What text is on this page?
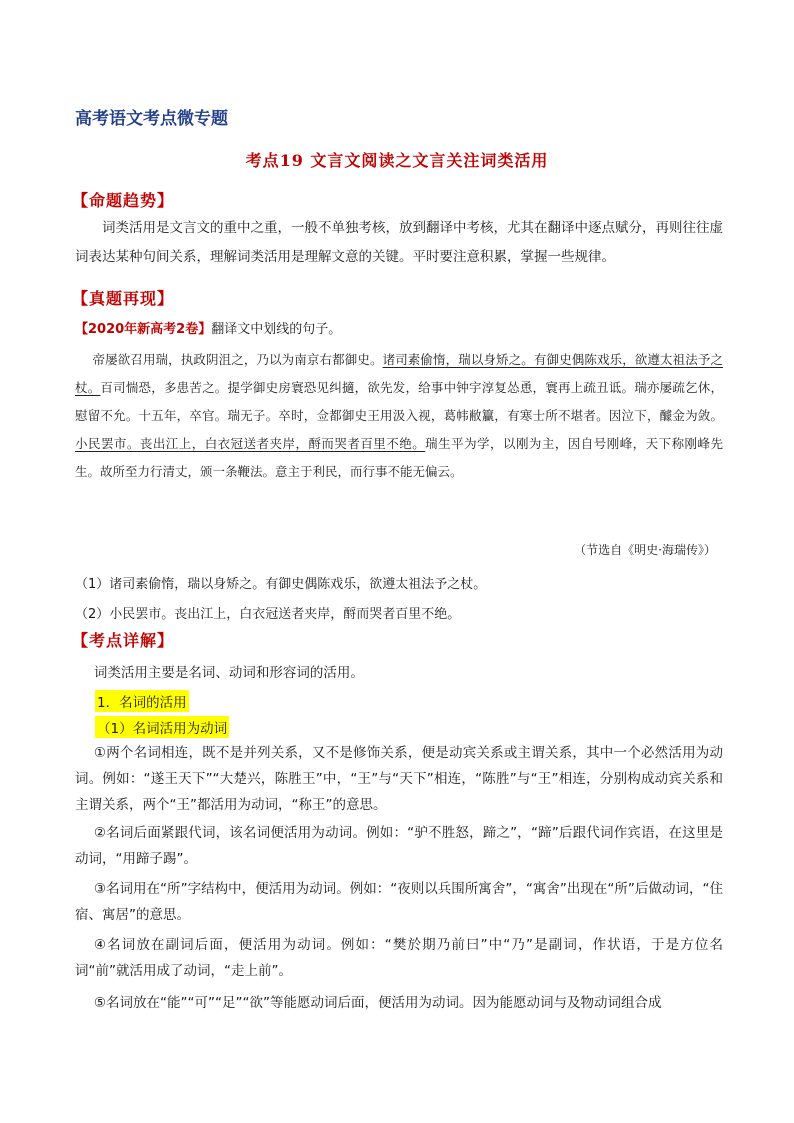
高考语文考点微专题
考点19 文言文阅读之文言关注词类活用
【命题趋势】
词类活用是文言文的重中之重，一般不单独考核，放到翻译中考核，尤其在翻译中逐点赋分，再则往往虚词表达某种句间关系，理解词类活用是理解文意的关键。平时要注意积累，掌握一些规律。
【真题再现】
【2020年新高考2卷】翻译文中划线的句子。
帝屡欲召用瑞，执政阴沮之，乃以为南京右都御史。诸司素偷惰，瑞以身矫之。有御史偶陈戏乐，欲遵太祖法予之杖。百司惴恐，多患苦之。提学御史房寰恐见纠擿，欲先发，给事中钟宇淳复怂恿，寰再上疏丑诋。瑞亦屡疏乞休，慰留不允。十五年，卒官。瑞无子。卒时，佥都御史王用汲入视，葛帏敝籯，有寒士所不堪者。因泣下，醵金为敛。小民罢市。丧出江上，白衣冠送者夹岸，酹而哭者百里不绝。瑞生平为学，以刚为主，因自号刚峰，天下称刚峰先生。故所至力行清丈，颁一条鞭法。意主于利民，而行事不能无偏云。
（节选自《明史·海瑞传》）
（1）诸司素偷惰，瑞以身矫之。有御史偶陈戏乐，欲遵太祖法予之杖。
（2）小民罢市。丧出江上，白衣冠送者夹岸，酹而哭者百里不绝。
【考点详解】
词类活用主要是名词、动词和形容词的活用。
1．名词的活用
（1）名词活用为动词
①两个名词相连，既不是并列关系，又不是修饰关系，便是动宾关系或主谓关系，其中一个必然活用为动词。例如：“遂王天下”“大楚兴，陈胜王”中，“王”与“天下”相连，“陈胜”与“王”相连，分别构成动宾关系和主谓关系，两个“王”都活用为动词，“称王”的意思。
②名词后面紧跟代词，该名词便活用为动词。例如：“驴不胜怒，蹄之”，“蹄”后跟代词作宾语，在这里是动词，“用蹄子踢”。
③名词用在“所”字结构中，便活用为动词。例如：“夜则以兵围所寓舍”，“寓舍”出现在“所”后做动词，“住宿、寓居”的意思。
④名词放在副词后面，便活用为动词。例如：“樊於期乃前曰”中“乃”是副词，作状语，于是方位名词“前”就活用成了动词，“走上前”。
⑤名词放在“能”“可”“足”“欲”等能愿动词后面，便活用为动词。因为能愿动词与及物动词组合成
